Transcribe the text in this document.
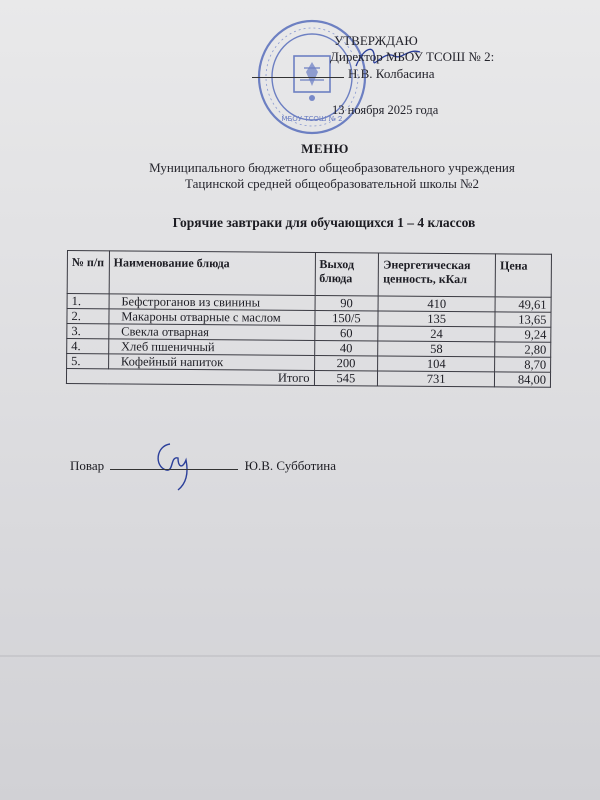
МБОУ ТСОШ № 2
УТВЕРЖДАЮ
Директор МБОУ ТСОШ № 2:
Н.В. Колбасина
13 ноября 2025 года
МЕНЮ
Муниципального бюджетного общеобразовательного учреждения
Тацинской средней общеобразовательной школы №2
Горячие завтраки для обучающихся 1 – 4 классов
№ п/п	Наименование блюда	Выход блюда	Энергетическая ценность, кКал	Цена
1.	Бефстроганов из свинины	90	410	49,61
2.	Макароны отварные с маслом	150/5	135	13,65
3.	Свекла отварная	60	24	9,24
4.	Хлеб пшеничный	40	58	2,80
5.	Кофейный напиток	200	104	8,70
Итого		545	731	84,00
Повар	Ю.В. Субботина
